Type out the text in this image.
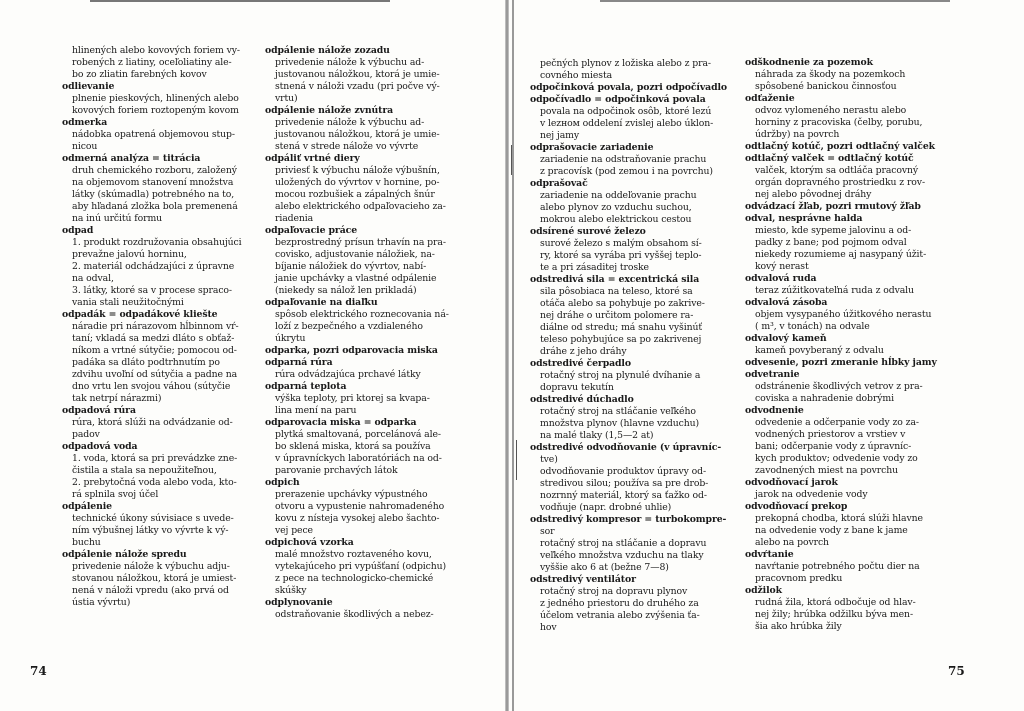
hlinených alebo kovových foriem vy-
robených z liatiny, oceľoliatiny ale-
bo zo zliatin farebných kovov
odlievanie
plnenie pieskových, hlinených alebo
kovových foriem roztopeným kovom
odmerka
nádobka opatrená objemovou stup-
nicou
odmerná analýza = titrácia
druh chemického rozboru, založený
na objemovom stanovení množstva
látky (skúmadla) potrebného na to,
aby hľadaná zložka bola premenená
na inú určitú formu
odpad
1. produkt rozdružovania obsahujúci
prevažne jalovú horninu,
2. materiál odchádzajúci z úpravne
na odval,
3. látky, ktoré sa v procese spraco-
vania stali neužitočnými
odpadák = odpadákové kliešte
náradie pri nárazovom hĺbinnom vŕ-
taní; vkladá sa medzi dláto s obťaž-
níkom a vrtné sútyčie; pomocou od-
padáka sa dláto podtrhnutím po
zdvihu uvoľní od sútyčia a padne na
dno vrtu len svojou váhou (sútyčie
tak netrpí nárazmi)
odpadová rúra
rúra, ktorá slúži na odvádzanie od-
padov
odpadová voda
1. voda, ktorá sa pri prevádzke zne-
čistila a stala sa nepoužiteľnou,
2. prebytočná voda alebo voda, kto-
rá splnila svoj účel
odpálenie
technické úkony súvisiace s uvede-
ním výbušnej látky vo vývrte k vý-
buchu
odpálenie nálože spredu
privedenie nálože k výbuchu adju-
stovanou náložkou, ktorá je umiest-
nená v náloži vpredu (ako prvá od
ústia vývrtu)
odpálenie nálože zozadu
privedenie nálože k výbuchu ad-
justovanou náložkou, ktorá je umie-
stnená v náloži vzadu (pri počve vý-
vrtu)
odpálenie nálože zvnútra
privedenie nálože k výbuchu ad-
justovanou náložkou, ktorá je umie-
stená v strede nálože vo vývrte
odpáliť vrtné diery
priviesť k výbuchu nálože výbušnín,
uložených do vývrtov v hornine, po-
mocou rozbušiek a zápalných šnúr
alebo elektrického odpaľovacieho za-
riadenia
odpaľovacie práce
bezprostredný prísun trhavín na pra-
covisko, adjustovanie náložiek, na-
bíjanie náložiek do vývrtov, nabí-
janie upchávky a vlastné odpálenie
(niekedy sa nálož len prikladá)
odpaľovanie na diaľku
spôsob elektrického roznecovania ná-
loží z bezpečného a vzdialeného
úkrytu
odparka, pozri odparovacia miska
odparná rúra
rúra odvádzajúca prchavé látky
odparná teplota
výška teploty, pri ktorej sa kvapa-
lina mení na paru
odparovacia miska = odparka
plytká smaltovaná, porcelánová ale-
bo sklená miska, ktorá sa používa
v úpravníckych laboratóriách na od-
parovanie prchavých látok
odpich
prerazenie upchávky výpustného
otvoru a vypustenie nahromadeného
kovu z nístejа vysokej alebo šachto-
vej pece
odpichová vzorka
malé množstvo roztaveného kovu,
vytekajúceho pri vypúšťaní (odpichu)
z pece na technologicko-chemické
skúšky
odplynovanie
odstraňovanie škodlivých a nebez-
pečných plynov z ložiska alebo z pra-
covného miesta
odpočinková povala, pozri odpočívadlo
odpočívadlo = odpočinková povala
povala na odpočinok osôb, ktoré lezú
v lezном oddelení zvislej alebo úklon-
nej jamy
odprašovacie zariadenie
zariadenie na odstraňovanie prachu
z pracovísk (pod zemou i na povrchu)
odprašovač
zariadenie na oddeľovanie prachu
alebo plynov zo vzduchu suchou,
mokrou alebo elektrickou cestou
odsírené surové železo
surové železo s malým obsahom sí-
ry, ktoré sa vyrába pri vyššej teplo-
te a pri zásaditej troske
odstredivá sila = excentrická sila
sila pôsobiaca na teleso, ktoré sa
otáča alebo sa pohybuje po zakrive-
nej dráhe o určitom polomere ra-
diálne od stredu; má snahu vyšinúť
teleso pohybujúce sa po zakrivenej
dráhe z jeho dráhy
odstredivé čerpadlo
rotačný stroj na plynulé dvíhanie a
dopravu tekutín
odstredivé dúchadlo
rotačný stroj na stláčanie veľkého
množstva plynov (hlavne vzduchu)
na malé tlaky (1,5—2 at)
odstredivé odvodňovanie (v úpravníc-
tve)
odvodňovanie produktov úpravy od-
stredivou silou; používa sa pre drob-
nozrnný materiál, ktorý sa ťažko od-
vodňuje (napr. drobné uhlie)
odstredivý kompresor = turbokompre-
sor
rotačný stroj na stláčanie a dopravu
veľkého množstva vzduchu na tlaky
vyššie ako 6 at (bežne 7—8)
odstredivý ventilátor
rotačný stroj na dopravu plynov
z jedného priestoru do druhého za
účelom vetrania alebo zvýšenia ťa-
hov
odškodnenie za pozemok
náhrada za škody na pozemkoch
spôsobené banickou činnosťou
odťaženie
odvoz vylomeného nerastu alebo
horniny z pracoviska (čelby, porubu,
údržby) na povrch
odtlačný kotúč, pozri odtlačný valček
odtlačný valček = odtlačný kotúč
valček, ktorým sa odtláča pracovný
orgán dopravného prostriedku z rov-
nej alebo pôvodnej dráhy
odvádzací žľab, pozri rmutový žľab
odval, nesprávne halda
miesto, kde sypeme jalovinu a od-
padky z bane; pod pojmom odval
niekedy rozumieme aj nasypaný úžit-
kový nerast
odvalová ruda
teraz zúžitkovateľná ruda z odvalu
odvalová zásoba
objem vysypaného úžitkového nerastu
( m³, v tonách) na odvale
odvalový kameň
kameň povyberaný z odvalu
odvesenie, pozri zmeranie hĺbky jamy
odvetranie
odstránenie škodlivých vetrov z pra-
coviska a nahradenie dobrými
odvodnenie
odvedenie a odčerpanie vody zo za-
vodnených priestorov a vrstiev v
bani; odčerpanie vody z úpravníc-
kych produktov; odvedenie vody zo
zavodnených miest na povrchu
odvodňovací jarok
jarok na odvedenie vody
odvodňovací prekop
prekopná chodba, ktorá slúži hlavne
na odvedenie vody z bane k jame
alebo na povrch
odvŕtanie
navŕtanie potrebného počtu dier na
pracovnom predku
odžilok
rudná žila, ktorá odbočuje od hlav-
nej žily; hrúbka odžilku býva men-
šia ako hrúbka žily
74	75
